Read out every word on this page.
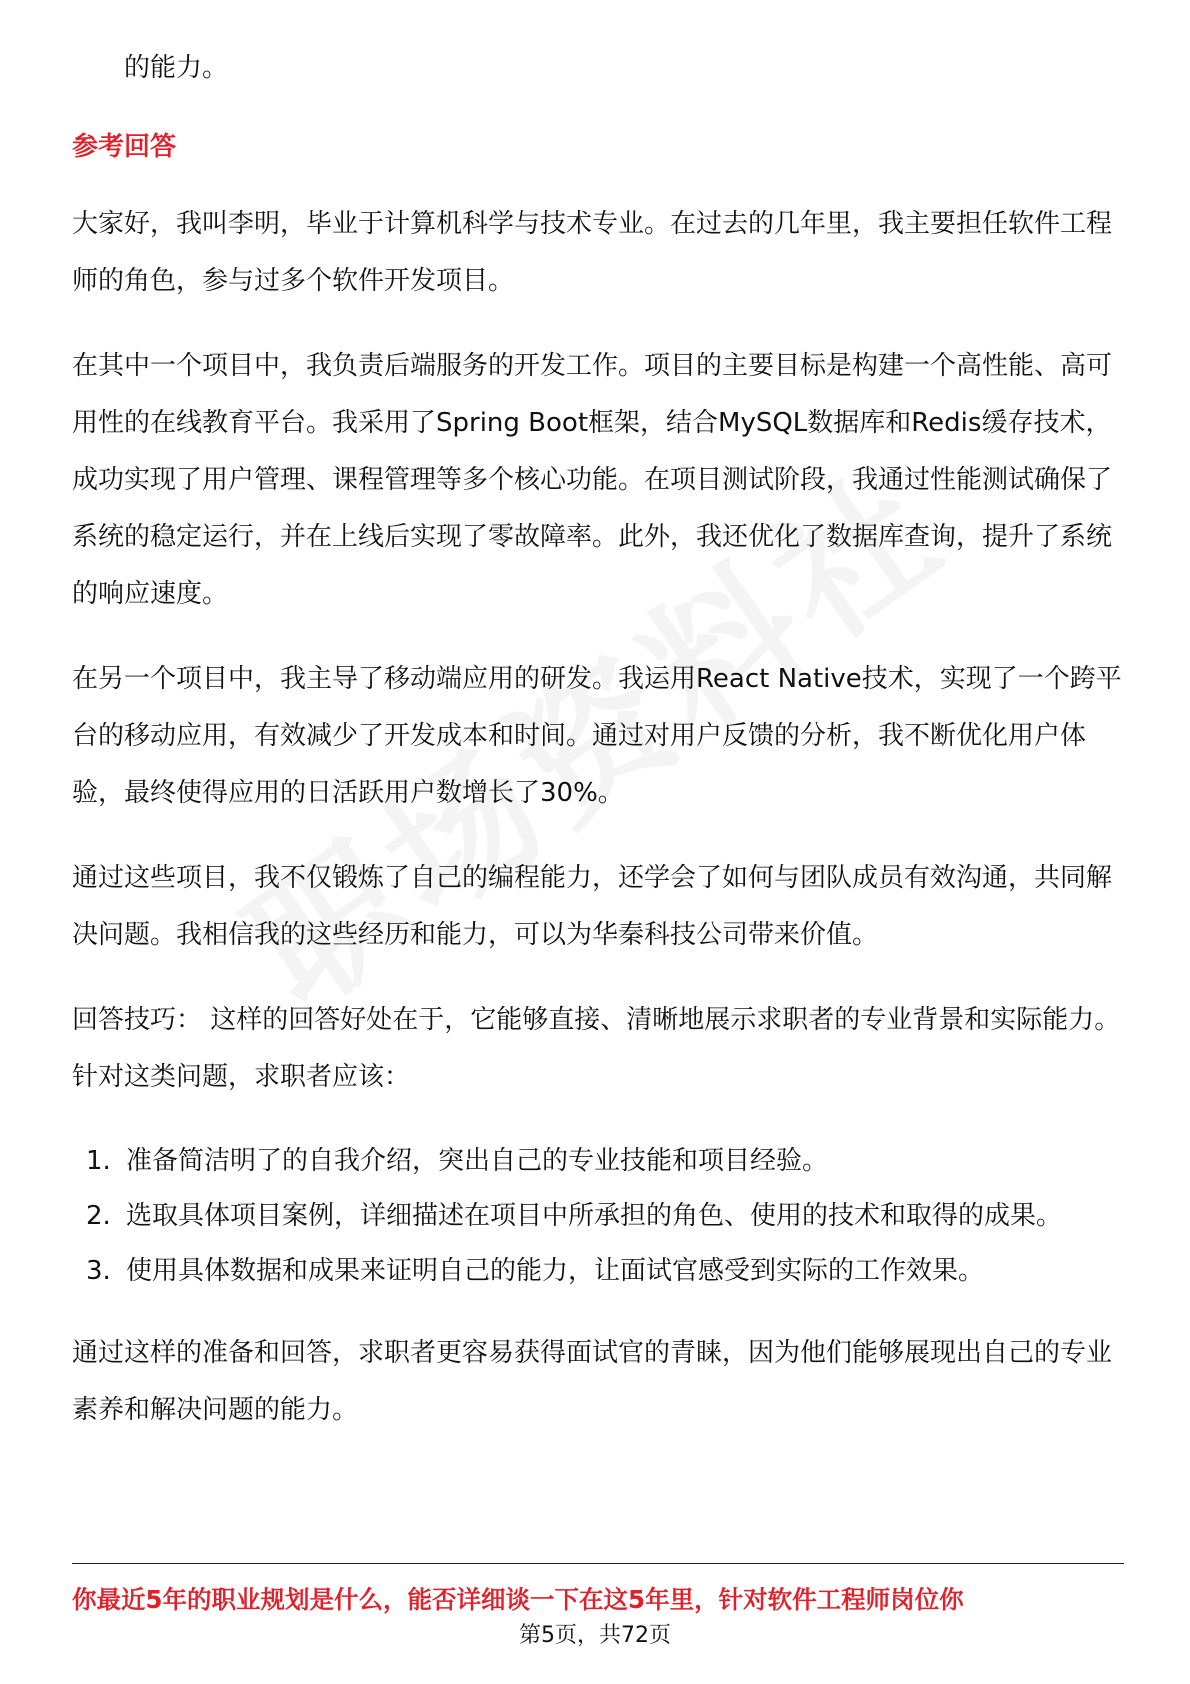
的能力。

参考回答

大家好，我叫李明，毕业于计算机科学与技术专业。在过去的几年里，我主要担任软件工程师的角色，参与过多个软件开发项目。

在其中一个项目中，我负责后端服务的开发工作。项目的主要目标是构建一个高性能、高可用性的在线教育平台。我采用了Spring Boot框架，结合MySQL数据库和Redis缓存技术，成功实现了用户管理、课程管理等多个核心功能。在项目测试阶段，我通过性能测试确保了系统的稳定运行，并在上线后实现了零故障率。此外，我还优化了数据库查询，提升了系统的响应速度。

在另一个项目中，我主导了移动端应用的研发。我运用React Native技术，实现了一个跨平台的移动应用，有效减少了开发成本和时间。通过对用户反馈的分析，我不断优化用户体验，最终使得应用的日活跃用户数增长了30%。

通过这些项目，我不仅锻炼了自己的编程能力，还学会了如何与团队成员有效沟通，共同解决问题。我相信我的这些经历和能力，可以为华秦科技公司带来价值。

回答技巧： 这样的回答好处在于，它能够直接、清晰地展示求职者的专业背景和实际能力。针对这类问题，求职者应该：

1. 准备简洁明了的自我介绍，突出自己的专业技能和项目经验。
2. 选取具体项目案例，详细描述在项目中所承担的角色、使用的技术和取得的成果。
3. 使用具体数据和成果来证明自己的能力，让面试官感受到实际的工作效果。

通过这样的准备和回答，求职者更容易获得面试官的青睐，因为他们能够展现出自己的专业素养和解决问题的能力。

你最近5年的职业规划是什么，能否详细谈一下在这5年里，针对软件工程师岗位你
第5页，共72页
